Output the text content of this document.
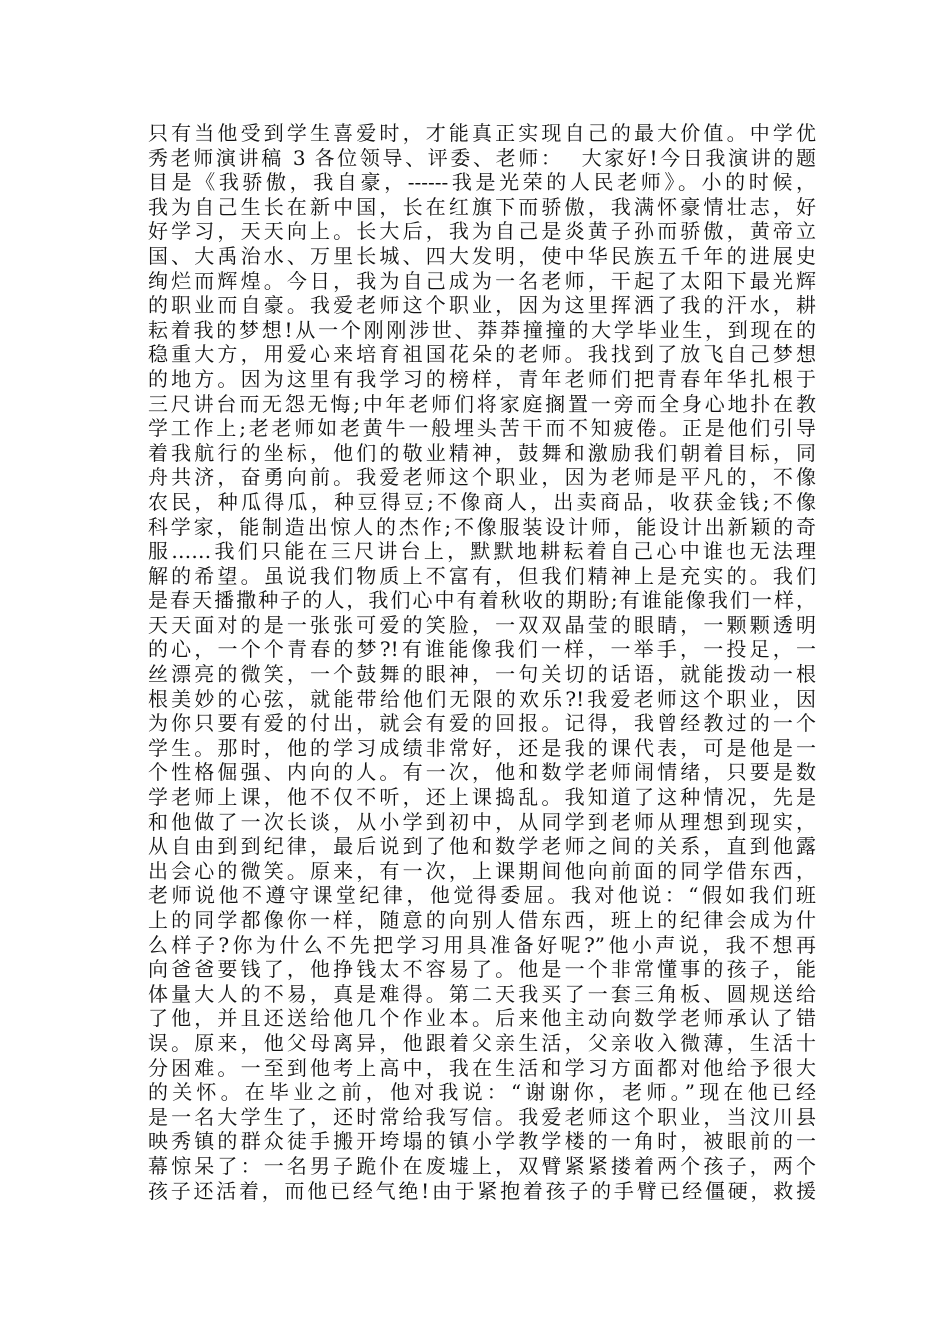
只有当他受到学生喜爱时，才能真正实现自己的最大价值。中学优
秀老师演讲稿 3 各位领导、评委、老师：  大家好!今日我演讲的题
目是《我骄傲，我自豪，------我是光荣的人民老师》。小的时候，
我为自己生长在新中国，长在红旗下而骄傲，我满怀豪情壮志，好
好学习，天天向上。长大后，我为自己是炎黄子孙而骄傲，黄帝立
国、大禹治水、万里长城、四大发明，使中华民族五千年的进展史
绚烂而辉煌。今日，我为自己成为一名老师，干起了太阳下最光辉
的职业而自豪。我爱老师这个职业，因为这里挥洒了我的汗水，耕
耘着我的梦想!从一个刚刚涉世、莽莽撞撞的大学毕业生，到现在的
稳重大方，用爱心来培育祖国花朵的老师。我找到了放飞自己梦想
的地方。因为这里有我学习的榜样，青年老师们把青春年华扎根于
三尺讲台而无怨无悔;中年老师们将家庭搁置一旁而全身心地扑在教
学工作上;老老师如老黄牛一般埋头苦干而不知疲倦。正是他们引导
着我航行的坐标，他们的敬业精神，鼓舞和激励我们朝着目标，同
舟共济，奋勇向前。我爱老师这个职业，因为老师是平凡的，不像
农民，种瓜得瓜，种豆得豆;不像商人，出卖商品，收获金钱;不像
科学家，能制造出惊人的杰作;不像服装设计师，能设计出新颖的奇
服……我们只能在三尺讲台上，默默地耕耘着自己心中谁也无法理
解的希望。虽说我们物质上不富有，但我们精神上是充实的。我们
是春天播撒种子的人，我们心中有着秋收的期盼;有谁能像我们一样，
天天面对的是一张张可爱的笑脸，一双双晶莹的眼睛，一颗颗透明
的心，一个个青春的梦?!有谁能像我们一样，一举手，一投足，一
丝漂亮的微笑，一个鼓舞的眼神，一句关切的话语，就能拨动一根
根美妙的心弦，就能带给他们无限的欢乐?!我爱老师这个职业，因
为你只要有爱的付出，就会有爱的回报。记得，我曾经教过的一个
学生。那时，他的学习成绩非常好，还是我的课代表，可是他是一
个性格倔强、内向的人。有一次，他和数学老师闹情绪，只要是数
学老师上课，他不仅不听，还上课捣乱。我知道了这种情况，先是
和他做了一次长谈，从小学到初中，从同学到老师从理想到现实，
从自由到到纪律，最后说到了他和数学老师之间的关系，直到他露
出会心的微笑。原来，有一次，上课期间他向前面的同学借东西，
老师说他不遵守课堂纪律，他觉得委屈。我对他说：“假如我们班
上的同学都像你一样，随意的向别人借东西，班上的纪律会成为什
么样子?你为什么不先把学习用具准备好呢?”他小声说，我不想再
向爸爸要钱了，他挣钱太不容易了。他是一个非常懂事的孩子，能
体量大人的不易，真是难得。第二天我买了一套三角板、圆规送给
了他，并且还送给他几个作业本。后来他主动向数学老师承认了错
误。原来，他父母离异，他跟着父亲生活，父亲收入微薄，生活十
分困难。一至到他考上高中，我在生活和学习方面都对他给予很大
的关怀。在毕业之前，他对我说：“谢谢你，老师。”现在他已经
是一名大学生了，还时常给我写信。我爱老师这个职业，当汶川县
映秀镇的群众徒手搬开垮塌的镇小学教学楼的一角时，被眼前的一
幕惊呆了：一名男子跪仆在废墟上，双臂紧紧搂着两个孩子，两个
孩子还活着，而他已经气绝!由于紧抱着孩子的手臂已经僵硬，救援
